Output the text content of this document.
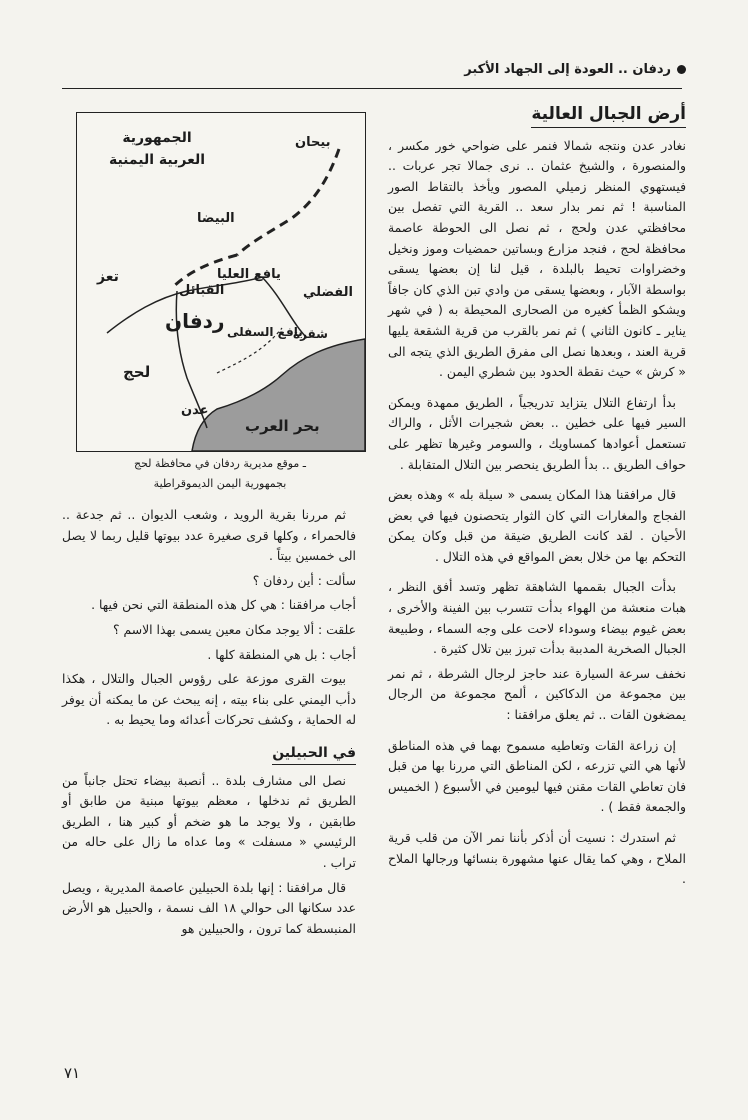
ردفان .. العودة إلى الجهاد الأكبر
أرض الجبال العالية

نغادر عدن ونتجه شمالا فنمر على ضواحي خور مكسر ، والمنصورة ، والشيخ عثمان .. نرى جمالا تجر عربات .. فيستهوي المنظر زميلي المصور ويأخذ بالتقاط الصور المناسبة ! ثم نمر بدار سعد .. القرية التي تفصل بين محافظتي عدن ولحج ، ثم نصل الى الحوطة عاصمة محافظة لحج ، فنجد مزارع وبساتين حمضيات وموز ونخيل وخضراوات تحيط بالبلدة ، قيل لنا إن بعضها يسقى بواسطة الآبار ، وبعضها يسقى من وادي تبن الذي كان جافاً ويشكو الظمأ كغيره من الصحارى المحيطة به ( في شهر يناير ـ كانون الثاني ) ثم نمر بالقرب من قرية الشقعة يليها قرية العند ، وبعدها نصل الى مفرق الطريق الذي يتجه الى « كرش » حيث نقطة الحدود بين شطري اليمن .

بدأ ارتفاع التلال يتزايد تدريجياً ، الطريق ممهدة ويمكن السير فيها على خطين .. بعض شجيرات الأثل ، والراك تستعمل أعوادها كمساويك ، والسومر وغيرها تظهر على حواف الطريق .. بدأ الطريق ينحصر بين التلال المتقابلة .

قال مرافقنا هذا المكان يسمى « سيلة بله » وهذه بعض الفجاج والمغارات التي كان الثوار يتحصنون فيها في بعض الأحيان . لقد كانت الطريق ضيقة من قبل وكان يمكن التحكم بها من خلال بعض المواقع في هذه التلال .

بدأت الجبال بقممها الشاهقة تظهر وتسد أفق النظر ، هبات منعشة من الهواء بدأت تتسرب بين الفينة والأخرى ، بعض غيوم بيضاء وسوداء لاحت على وجه السماء ، وطبيعة الجبال الصخرية المدببة بدأت تبرز بين تلال كثيرة .

نخفف سرعة السيارة عند حاجز لرجال الشرطة ، ثم نمر بين مجموعة من الدكاكين ، ألمح مجموعة من الرجال يمضغون القات .. ثم يعلق مرافقنا :

إن زراعة القات وتعاطيه مسموح بهما في هذه المناطق لأنها هي التي تزرعه ، لكن المناطق التي مررنا بها من قبل فان تعاطي القات مقنن فيها ليومين في الأسبوع ( الخميس والجمعة فقط ) .

ثم استدرك : نسيت أن أذكر بأننا نمر الآن من قلب قرية الملاح ، وهي كما يقال عنها مشهورة بنسائها ورجالها الملاح .

الجمهورية العربية اليمنية
بيحان
البيضا
تعز	يافع العليا
القبائل	الفضلي
ردفان يافع السفلى
شقرة
لحج
عدن
بحر العرب
ـ موقع مديرية ردفان في محافظة لحج
بجمهورية اليمن الديموقراطية

ثم مررنا بقرية الرويد ، وشعب الديوان .. ثم جدعة .. فالحمراء ، وكلها قرى صغيرة عدد بيوتها قليل ربما لا يصل الى خمسين بيتاً .

سألت : أين ردفان ؟

أجاب مرافقنا : هي كل هذه المنطقة التي نحن فيها .

علقت : ألا يوجد مكان معين يسمى بهذا الاسم ؟

أجاب : بل هي المنطقة كلها .

بيوت القرى موزعة على رؤوس الجبال والتلال ، هكذا دأب اليمني على بناء بيته ، إنه يبحث عن ما يمكنه أن يوفر له الحماية ، وكشف تحركات أعدائه وما يحيط به .

في الحبيلين

نصل الى مشارف بلدة .. أنصبة بيضاء تحتل جانباً من الطريق ثم ندخلها ، معظم بيوتها مبنية من طابق أو طابقين ، ولا يوجد ما هو ضخم أو كبير هنا ، الطريق الرئيسي « مسفلت » وما عداه ما زال على حاله من تراب .

قال مرافقنا : إنها بلدة الحبيلين عاصمة المديرية ، ويصل عدد سكانها الى حوالي ١٨ الف نسمة ، والحبيل هو الأرض المنبسطة كما ترون ، والحبيلين هو

٧١
